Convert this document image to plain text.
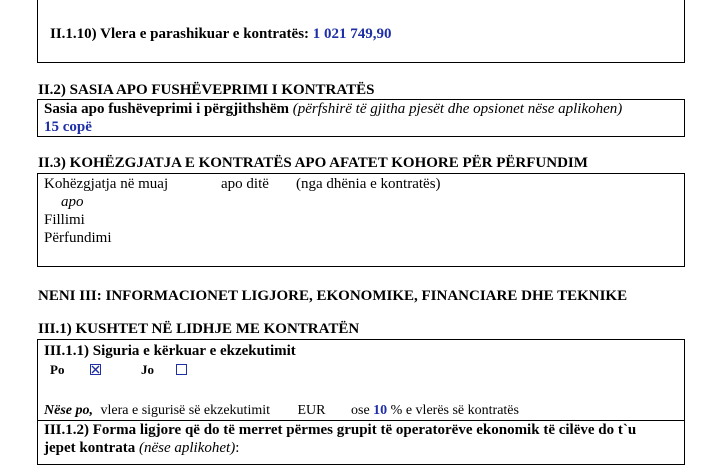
II.1.10) Vlera e parashikuar e kontratës: 1 021 749,90
II.2) SASIA APO FUSHËVEPRIMI I KONTRATËS
Sasia apo fushëveprimi i përgjithshëm (përfshirë të gjitha pjesët dhe opsionet nëse aplikohen)
15 copë
II.3) KOHËZGJATJA E KONTRATËS APO AFATET KOHORE PËR PËRFUNDIM
Kohëzgjatja në muaj	apo ditë (nga dhënia e kontratës)
apo
Fillimi
Përfundimi
NENI III: INFORMACIONET LIGJORE, EKONOMIKE, FINANCIARE DHE TEKNIKE
III.1) KUSHTET NË LIDHJE ME KONTRATËN
III.1.1) Siguria e kërkuar e ekzekutimit
Po	Jo
Nëse po, vlera e sigurisë së ekzekutimit EUR ose 10 % e vlerës së kontratës
III.1.2) Forma ligjore që do të merret përmes grupit të operatorëve ekonomik të cilëve do t`u
jepet kontrata (nëse aplikohet):
